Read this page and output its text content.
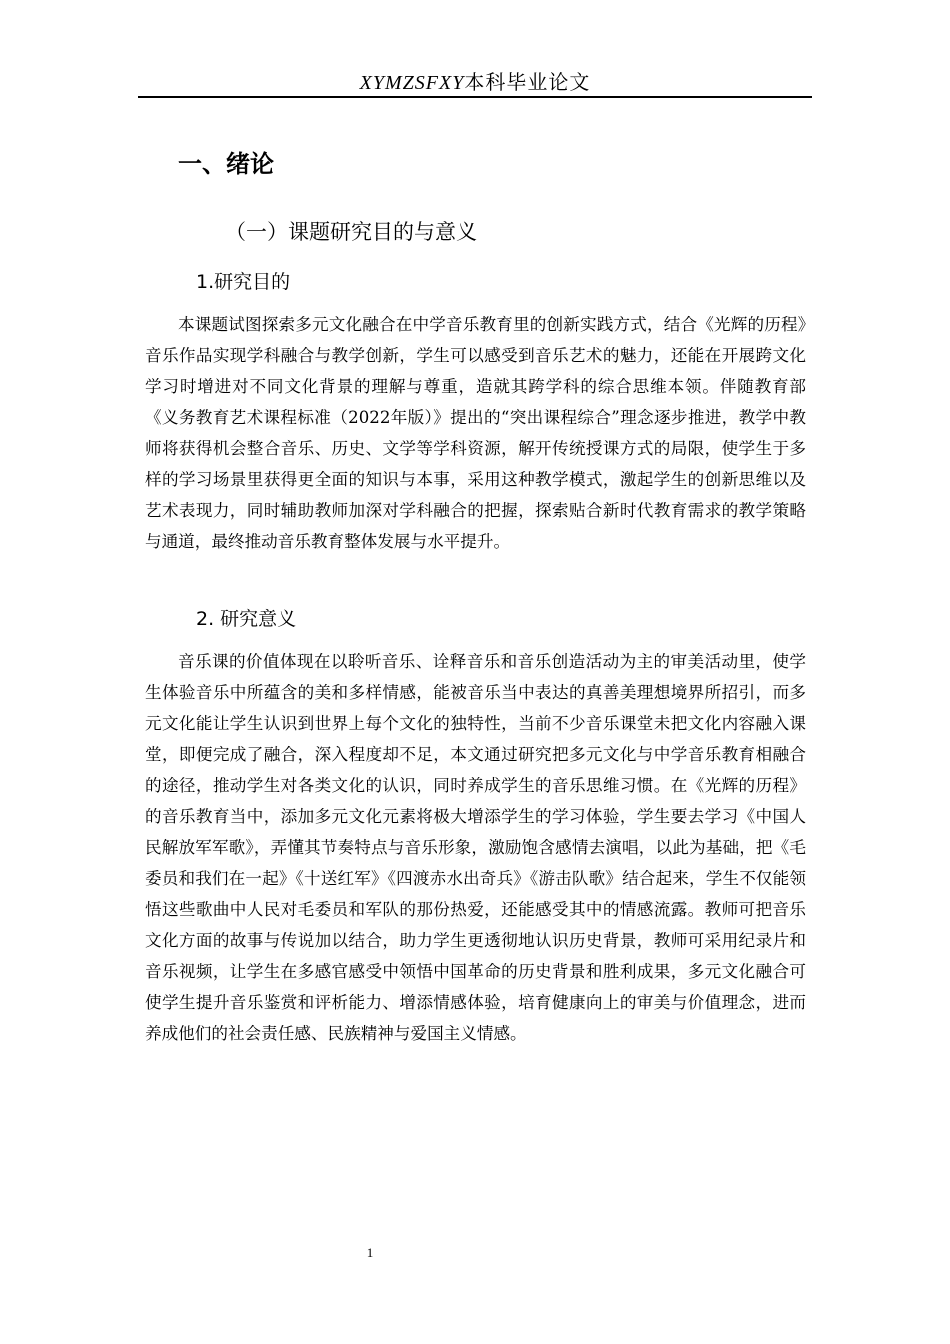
XYMZSFXY本科毕业论文
一、绪论
（一）课题研究目的与意义
1.研究目的

本课题试图探索多元文化融合在中学音乐教育里的创新实践方式，结合《光辉的历程》音乐作品实现学科融合与教学创新，学生可以感受到音乐艺术的魅力，还能在开展跨文化学习时增进对不同文化背景的理解与尊重，造就其跨学科的综合思维本领。伴随教育部《义务教育艺术课程标准（2022年版）》提出的“突出课程综合”理念逐步推进，教学中教师将获得机会整合音乐、历史、文学等学科资源，解开传统授课方式的局限，使学生于多样的学习场景里获得更全面的知识与本事，采用这种教学模式，激起学生的创新思维以及艺术表现力，同时辅助教师加深对学科融合的把握，探索贴合新时代教育需求的教学策略与通道，最终推动音乐教育整体发展与水平提升。

2. 研究意义

音乐课的价值体现在以聆听音乐、诠释音乐和音乐创造活动为主的审美活动里，使学生体验音乐中所蕴含的美和多样情感，能被音乐当中表达的真善美理想境界所招引，而多元文化能让学生认识到世界上每个文化的独特性，当前不少音乐课堂未把文化内容融入课堂，即便完成了融合，深入程度却不足，本文通过研究把多元文化与中学音乐教育相融合的途径，推动学生对各类文化的认识，同时养成学生的音乐思维习惯。在《光辉的历程》的音乐教育当中，添加多元文化元素将极大增添学生的学习体验，学生要去学习《中国人民解放军军歌》，弄懂其节奏特点与音乐形象，激励饱含感情去演唱，以此为基础，把《毛委员和我们在一起》《十送红军》《四渡赤水出奇兵》《游击队歌》结合起来，学生不仅能领悟这些歌曲中人民对毛委员和军队的那份热爱，还能感受其中的情感流露。教师可把音乐文化方面的故事与传说加以结合，助力学生更透彻地认识历史背景，教师可采用纪录片和音乐视频，让学生在多感官感受中领悟中国革命的历史背景和胜利成果，多元文化融合可使学生提升音乐鉴赏和评析能力、增添情感体验，培育健康向上的审美与价值理念，进而养成他们的社会责任感、民族精神与爱国主义情感。

1
